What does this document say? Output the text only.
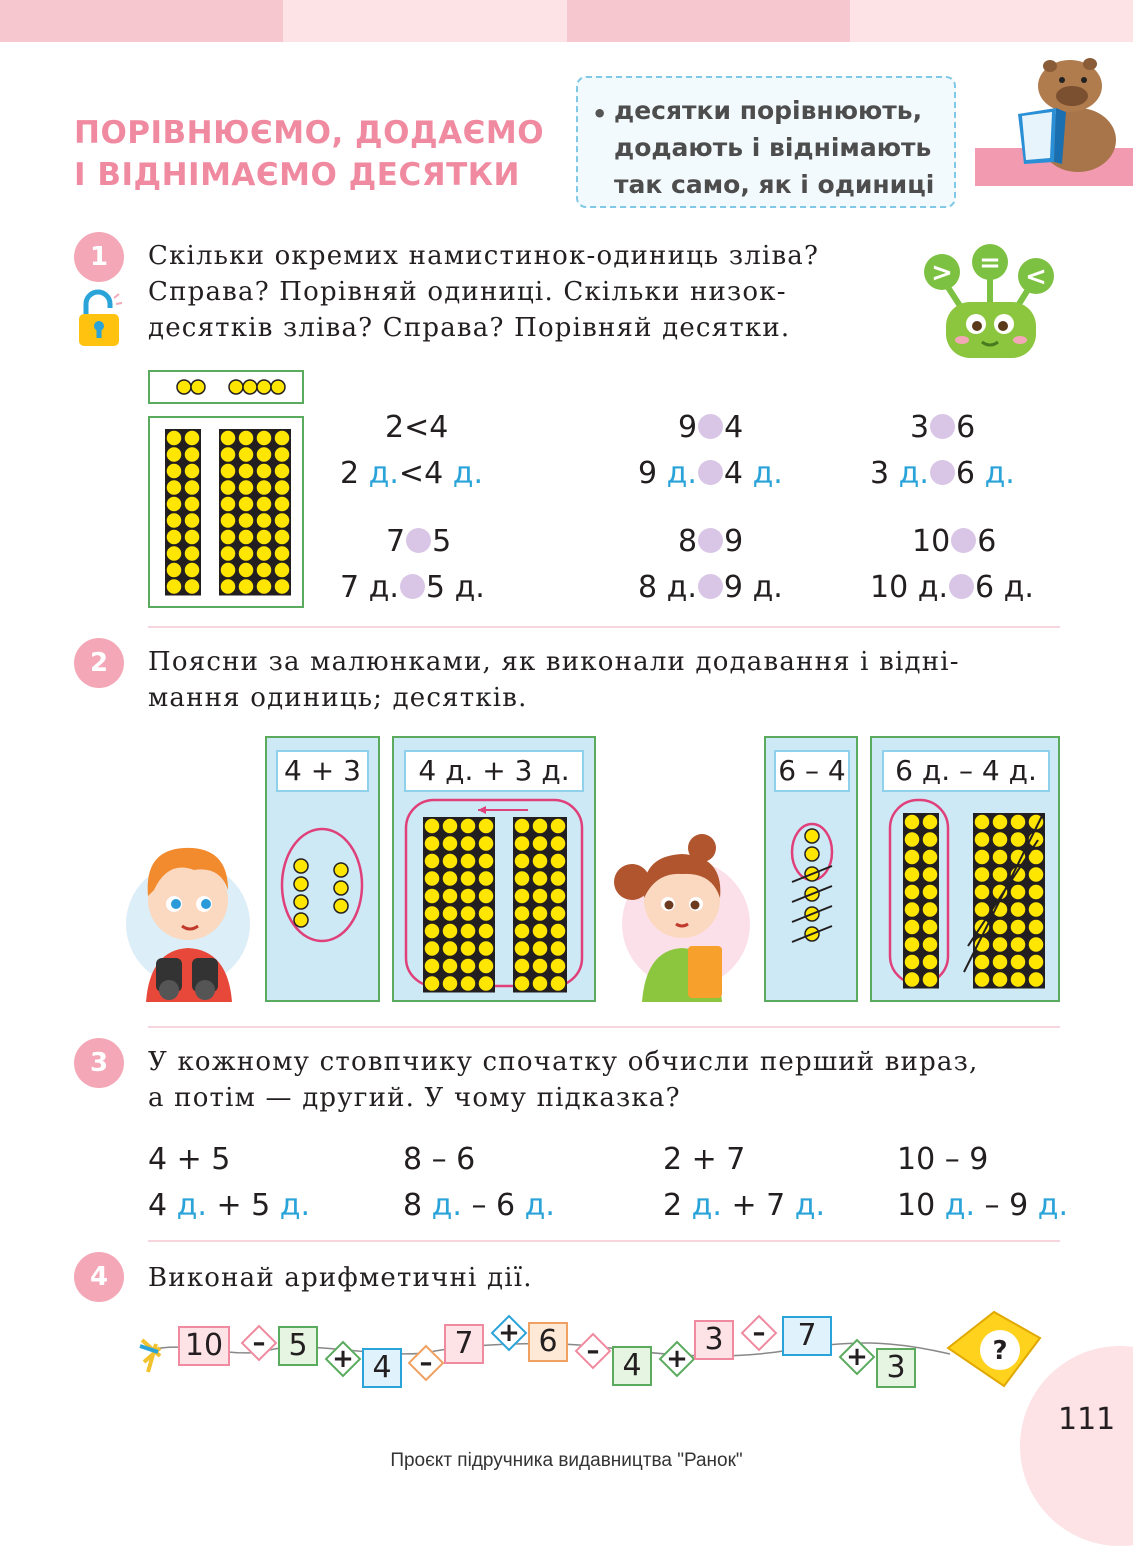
ПОРІВНЮЄМО, ДОДАЄМО
І ВІДНІМАЄМО ДЕСЯТКИ
• десятки порівнюють,
додають і віднімають
так само, як і одиниці
1	Скільки окремих намистинок-одиниць зліва?
Справа? Порівняй одиниці. Скільки низок-
десятків зліва? Справа? Порівняй десятки.
> = <
2<4
2 д.<4 д.
9 4
9 д. 4 д.
3 6
3 д. 6 д.
7 5
7 д. 5 д.
8 9
8 д. 9 д.
10 6
10 д. 6 д.
2	Поясни за малюнками, як виконали додавання і відні-
мання одиниць; десятків.
4 + 3	4 д. + 3 д.	6 – 4	6 д. – 4 д.
3	У кожному стовпчику спочатку обчисли перший вираз,
а потім — другий. У чому підказка?
4 + 5
4 д. + 5 д.
8 – 6
8 д. – 6 д.
2 + 7
2 д. + 7 д.
10 – 9
10 д. – 9 д.
4	Виконай арифметичні дії.
10	– 5 + 4	–
7 + 6	– 4 +
3	–	7
+ 3	?
111
Проєкт підручника видавництва "Ранок"
